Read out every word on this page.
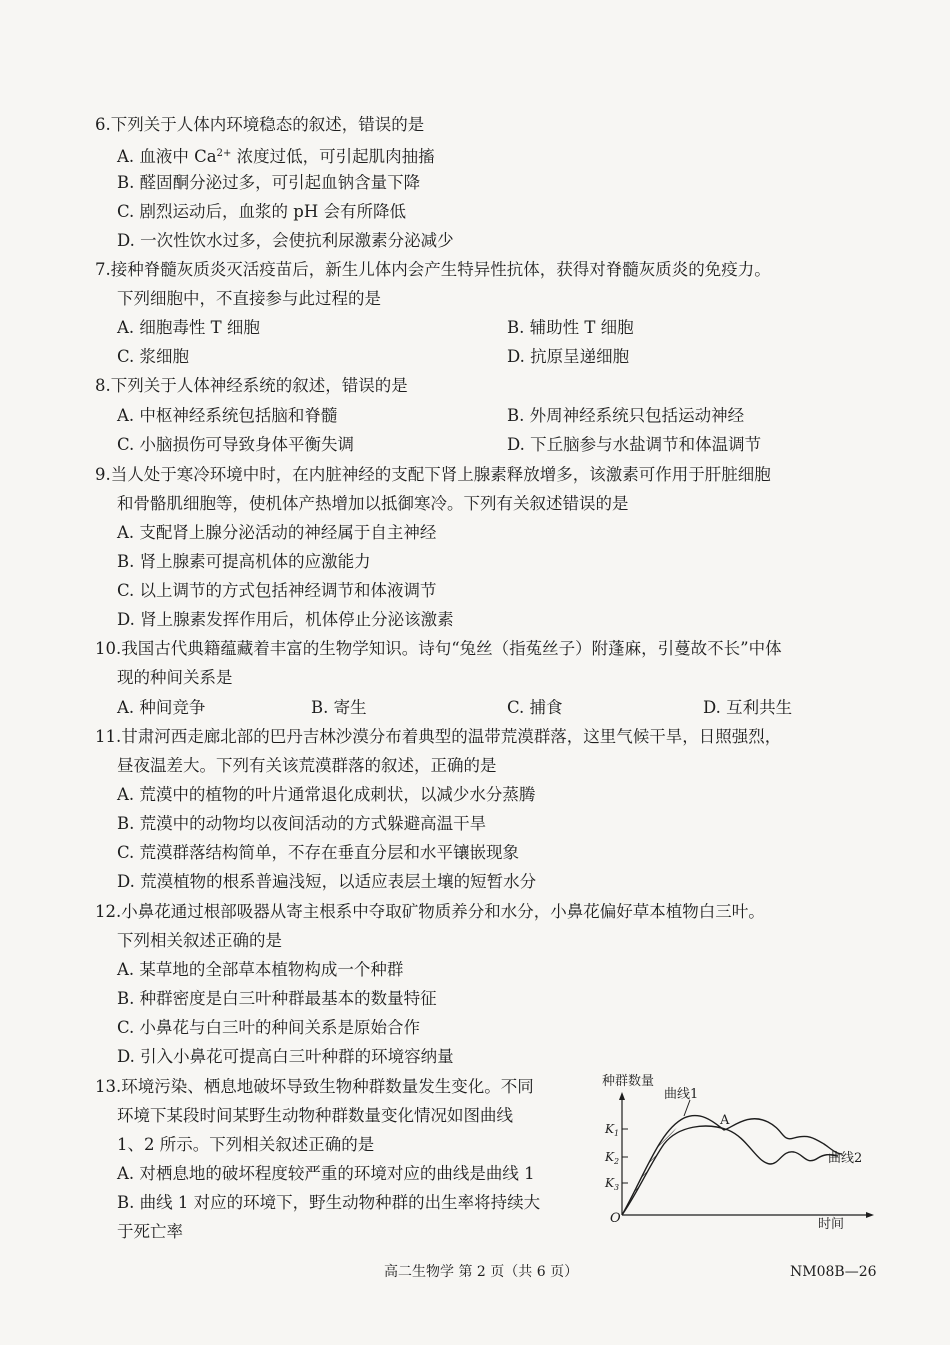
6.下列关于人体内环境稳态的叙述，错误的是
A. 血液中 $Ca^{2+}$ 浓度过低，可引起肌肉抽搐
B. 醛固酮分泌过多，可引起血钠含量下降
C. 剧烈运动后，血浆的 pH 会有所降低
D. 一次性饮水过多，会使抗利尿激素分泌减少
7.接种脊髓灰质炎灭活疫苗后，新生儿体内会产生特异性抗体，获得对脊髓灰质炎的免疫力。
下列细胞中，不直接参与此过程的是
A. 细胞毒性 T 细胞	B. 辅助性 T 细胞
C. 浆细胞	D. 抗原呈递细胞
8.下列关于人体神经系统的叙述，错误的是
A. 中枢神经系统包括脑和脊髓	B. 外周神经系统只包括运动神经
C. 小脑损伤可导致身体平衡失调	D. 下丘脑参与水盐调节和体温调节
9.当人处于寒冷环境中时，在内脏神经的支配下肾上腺素释放增多，该激素可作用于肝脏细胞
和骨骼肌细胞等，使机体产热增加以抵御寒冷。下列有关叙述错误的是
A. 支配肾上腺分泌活动的神经属于自主神经
B. 肾上腺素可提高机体的应激能力
C. 以上调节的方式包括神经调节和体液调节
D. 肾上腺素发挥作用后，机体停止分泌该激素
10.我国古代典籍蕴藏着丰富的生物学知识。诗句“兔丝（指菟丝子）附蓬麻，引蔓故不长”中体
现的种间关系是
A. 种间竞争	B. 寄生	C. 捕食	D. 互利共生
11.甘肃河西走廊北部的巴丹吉林沙漠分布着典型的温带荒漠群落，这里气候干旱，日照强烈，
昼夜温差大。下列有关该荒漠群落的叙述，正确的是
A. 荒漠中的植物的叶片通常退化成刺状，以减少水分蒸腾
B. 荒漠中的动物均以夜间活动的方式躲避高温干旱
C. 荒漠群落结构简单，不存在垂直分层和水平镶嵌现象
D. 荒漠植物的根系普遍浅短，以适应表层土壤的短暂水分
12.小鼻花通过根部吸器从寄主根系中夺取矿物质养分和水分，小鼻花偏好草本植物白三叶。
下列相关叙述正确的是
A. 某草地的全部草本植物构成一个种群
B. 种群密度是白三叶种群最基本的数量特征
C. 小鼻花与白三叶的种间关系是原始合作
D. 引入小鼻花可提高白三叶种群的环境容纳量
13.环境污染、栖息地破坏导致生物种群数量发生变化。不同
环境下某段时间某野生动物种群数量变化情况如图曲线
1、2 所示。下列相关叙述正确的是
A. 对栖息地的破坏程度较严重的环境对应的曲线是曲线 1
B. 曲线 1 对应的环境下，野生动物种群的出生率将持续大
于死亡率
种群数量
时间
O
$K_1$
$K_2$
$K_3$
曲线1
A
曲线2
高二生物学 第 2 页（共 6 页）	NM08B—26
